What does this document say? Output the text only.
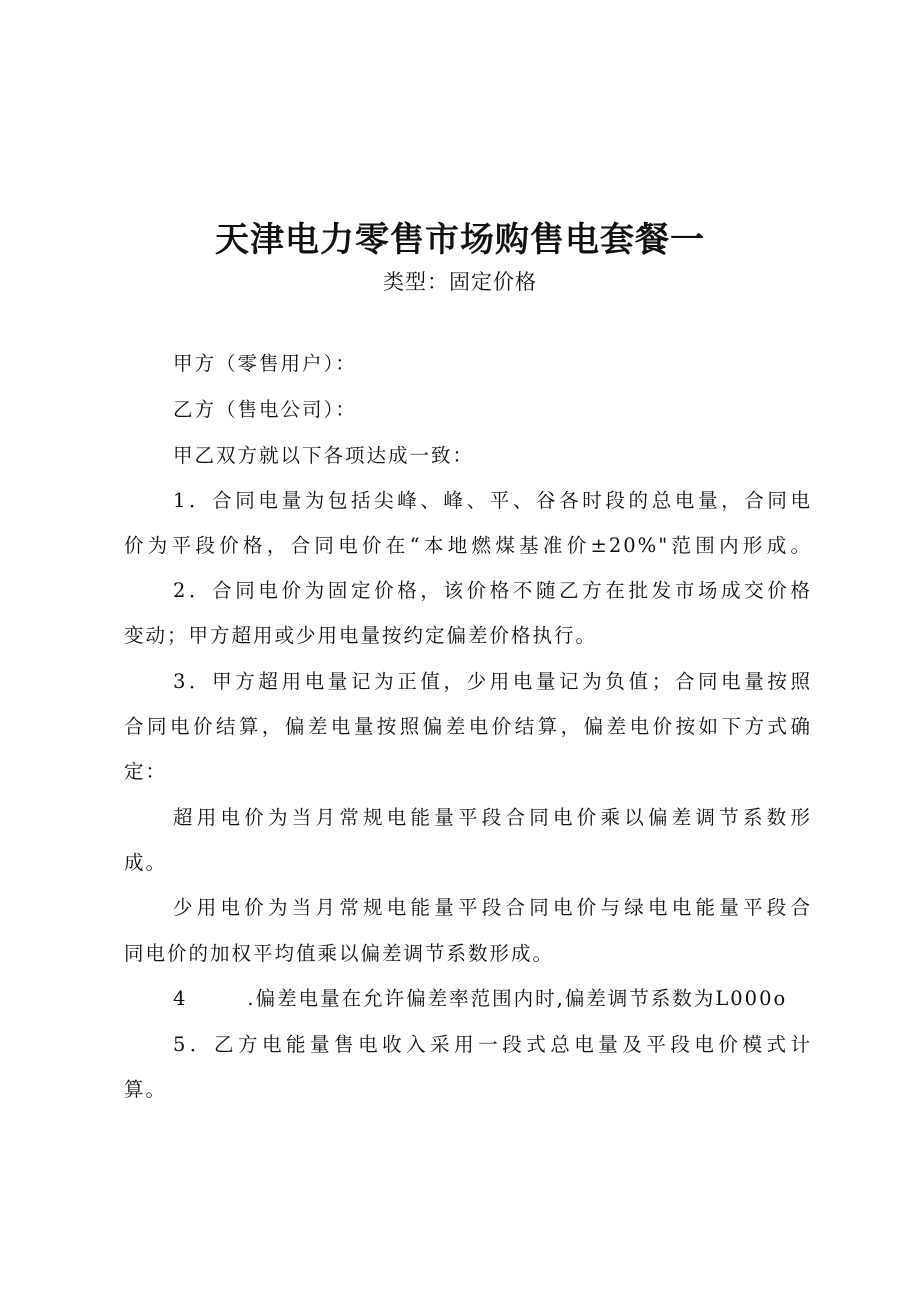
天津电力零售市场购售电套餐一
类型：固定价格
甲方（零售用户）：
乙方（售电公司）：
甲乙双方就以下各项达成一致：
1．合同电量为包括尖峰、峰、平、谷各时段的总电量，合同电
价为平段价格，合同电价在“本地燃煤基准价±20%"范围内形成。
2．合同电价为固定价格，该价格不随乙方在批发市场成交价格
变动；甲方超用或少用电量按约定偏差价格执行。
3．甲方超用电量记为正值，少用电量记为负值；合同电量按照
合同电价结算，偏差电量按照偏差电价结算，偏差电价按如下方式确
定：
超用电价为当月常规电能量平段合同电价乘以偏差调节系数形
成。
少用电价为当月常规电能量平段合同电价与绿电电能量平段合
同电价的加权平均值乘以偏差调节系数形成。
4	.偏差电量在允许偏差率范围内时,偏差调节系数为L000o
5．乙方电能量售电收入采用一段式总电量及平段电价模式计
算。
